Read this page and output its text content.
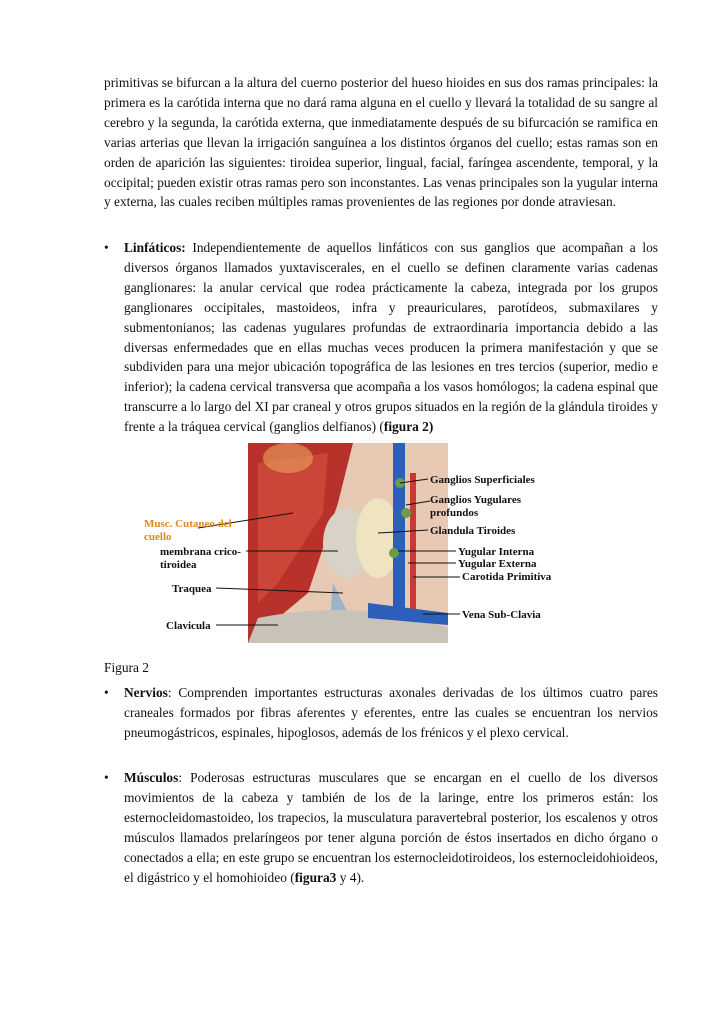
primitivas se bifurcan a la altura del cuerno posterior del hueso hioides en sus dos ramas principales: la primera es la carótida interna que no dará rama alguna en el cuello y llevará la totalidad de su sangre al cerebro y la segunda, la carótida externa, que inmediatamente después de su bifurcación se ramifica en varias arterias que llevan la irrigación sanguínea a los distintos órganos del cuello; estas ramas son en orden de aparición las siguientes: tiroidea superior, lingual, facial, faríngea ascendente, temporal, y la occipital; pueden existir otras ramas pero son inconstantes. Las venas principales son la yugular interna y externa, las cuales reciben múltiples ramas provenientes de las regiones por donde atraviesan.

•	Linfáticos: Independientemente de aquellos linfáticos con sus ganglios que acompañan a los diversos órganos llamados yuxtaviscerales, en el cuello se definen claramente varias cadenas ganglionares: la anular cervical que rodea prácticamente la cabeza, integrada por los grupos ganglionares occipitales, mastoideos, infra y preauriculares, parotídeos, submaxilares y submentonianos; las cadenas yugulares profundas de extraordinaria importancia debido a las diversas enfermedades que en ellas muchas veces producen la primera manifestación y que se subdividen para una mejor ubicación topográfica de las lesiones en tres tercios (superior, medio e inferior); la cadena cervical transversa que acompaña a los vasos homólogos; la cadena espinal que transcurre a lo largo del XI par craneal y otros grupos situados en la región de la glándula tiroides y frente a la tráquea cervical (ganglios delfianos) (figura 2)
Ganglios Superficiales
Ganglios Yugulares
profundos
Glandula Tiroides
Yugular Interna
Yugular Externa
Carotida Primitiva
Vena Sub-Clavia
Musc. Cutaneo del
cuello
membrana crico-
tiroidea
Traquea
Clavicula
Figura 2
•	Nervios: Comprenden importantes estructuras axonales derivadas de los últimos cuatro pares craneales formados por fibras aferentes y eferentes, entre las cuales se encuentran los nervios pneumogástricos, espinales, hipoglosos, además de los frénicos y el plexo cervical.
•	Músculos: Poderosas estructuras musculares que se encargan en el cuello de los diversos movimientos de la cabeza y también de los de la laringe, entre los primeros están: los esternocleidomastoideo, los trapecios, la musculatura paravertebral posterior, los escalenos y otros músculos llamados prelaríngeos por tener alguna porción de éstos insertados en dicho órgano o conectados a ella; en este grupo se encuentran los esternocleidotiroideos, los esternocleidohioideos, el digástrico y el homohioideo (figura3 y 4).
